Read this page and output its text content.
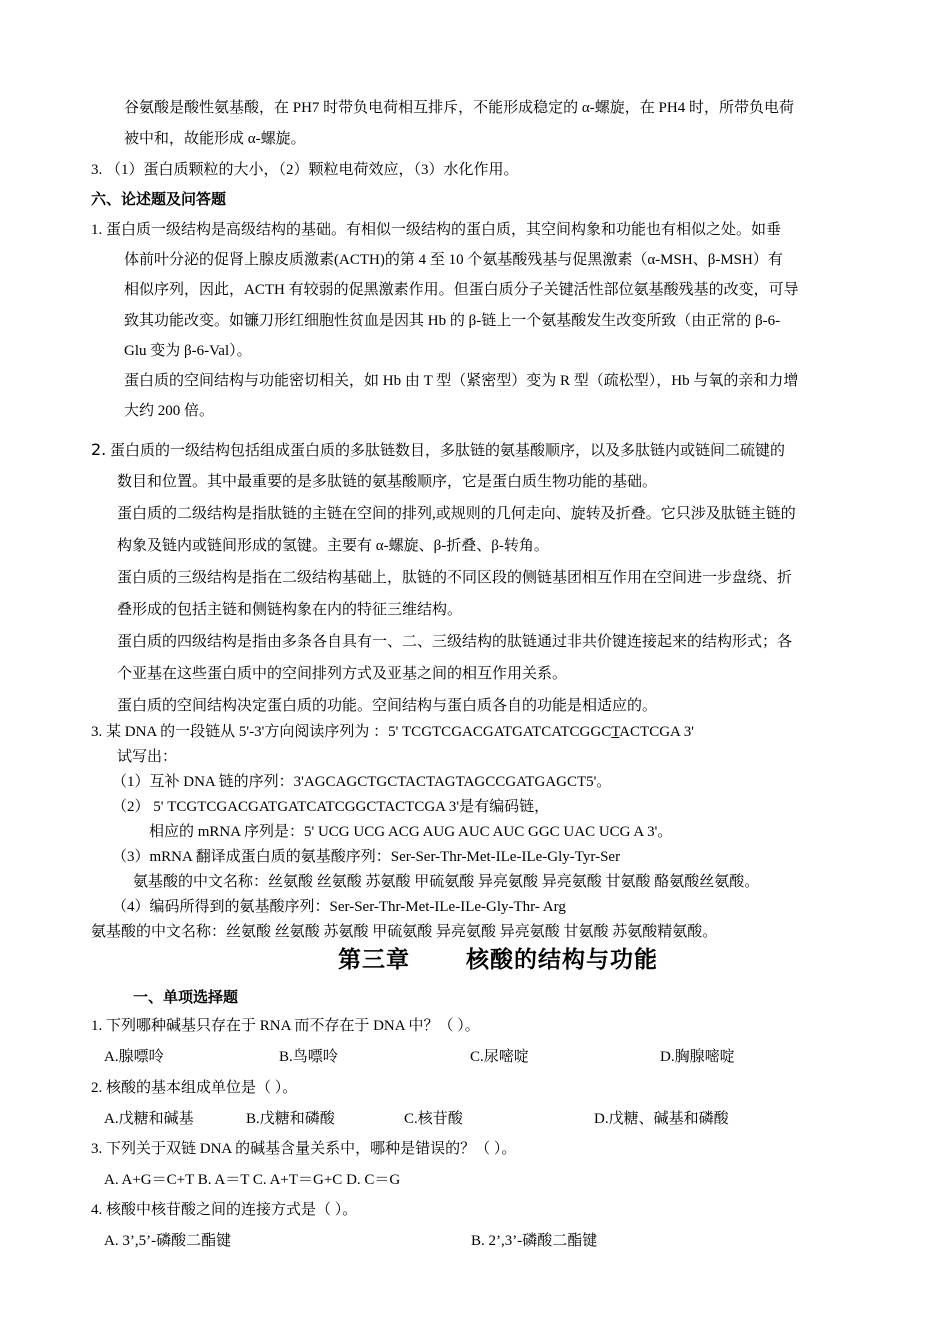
谷氨酸是酸性氨基酸，在 PH7 时带负电荷相互排斥，不能形成稳定的 α-螺旋，在 PH4 时，所带负电荷
被中和，故能形成 α-螺旋。
3. （1）蛋白质颗粒的大小，（2）颗粒电荷效应，（3）水化作用。
六、论述题及问答题
1. 蛋白质一级结构是高级结构的基础。有相似一级结构的蛋白质，其空间构象和功能也有相似之处。如垂
体前叶分泌的促肾上腺皮质激素(ACTH)的第 4 至 10 个氨基酸残基与促黑激素（α-MSH、β-MSH）有
相似序列，因此，ACTH 有较弱的促黑激素作用。但蛋白质分子关键活性部位氨基酸残基的改变，可导
致其功能改变。如镰刀形红细胞性贫血是因其 Hb 的 β-链上一个氨基酸发生改变所致（由正常的 β-6-
Glu 变为 β-6-Val）。
蛋白质的空间结构与功能密切相关，如 Hb 由 T 型（紧密型）变为 R 型（疏松型），Hb 与氧的亲和力增
大约 200 倍。
2. 蛋白质的一级结构包括组成蛋白质的多肽链数目，多肽链的氨基酸顺序，以及多肽链内或链间二硫键的
数目和位置。其中最重要的是多肽链的氨基酸顺序，它是蛋白质生物功能的基础。
蛋白质的二级结构是指肽链的主链在空间的排列,或规则的几何走向、旋转及折叠。它只涉及肽链主链的
构象及链内或链间形成的氢键。主要有 α-螺旋、β-折叠、β-转角。
蛋白质的三级结构是指在二级结构基础上，肽链的不同区段的侧链基团相互作用在空间进一步盘绕、折
叠形成的包括主链和侧链构象在内的特征三维结构。
蛋白质的四级结构是指由多条各自具有一、二、三级结构的肽链通过非共价键连接起来的结构形式；各
个亚基在这些蛋白质中的空间排列方式及亚基之间的相互作用关系。
蛋白质的空间结构决定蛋白质的功能。空间结构与蛋白质各自的功能是相适应的。
3. 某 DNA 的一段链从 5'-3'方向阅读序列为 ：5' TCGTCGACGATGATCATCGGCTACTCGA 3'
试写出：
（1）互补 DNA 链的序列：3'AGCAGCTGCTACTAGTAGCCGATGAGCT5'。
（2） 5' TCGTCGACGATGATCATCGGCTACTCGA 3'是有编码链，
相应的 mRNA 序列是：5' UCG UCG ACG AUG AUC AUC GGC UAC UCG A 3'。
（3）mRNA 翻译成蛋白质的氨基酸序列：Ser-Ser-Thr-Met-ILe-ILe-Gly-Tyr-Ser
氨基酸的中文名称：丝氨酸 丝氨酸 苏氨酸 甲硫氨酸 异亮氨酸 异亮氨酸 甘氨酸 酪氨酸丝氨酸。
（4）编码所得到的氨基酸序列：Ser-Ser-Thr-Met-ILe-ILe-Gly-Thr- Arg
氨基酸的中文名称：丝氨酸 丝氨酸 苏氨酸 甲硫氨酸 异亮氨酸 异亮氨酸 甘氨酸 苏氨酸精氨酸。
第三章 核酸的结构与功能
一、单项选择题
1. 下列哪种碱基只存在于 RNA 而不存在于 DNA 中？（ ）。
A.腺嘌呤	B.鸟嘌呤	C.尿嘧啶	D.胸腺嘧啶
2. 核酸的基本组成单位是（ ）。
A.戊糖和碱基	B.戊糖和磷酸	C.核苷酸	D.戊糖、碱基和磷酸
3. 下列关于双链 DNA 的碱基含量关系中，哪种是错误的？（ ）。
A. A+G＝C+T B. A＝T C. A+T＝G+C D. C＝G
4. 核酸中核苷酸之间的连接方式是（ ）。
A. 3’,5’-磷酸二酯键	B. 2’,3’-磷酸二酯键
